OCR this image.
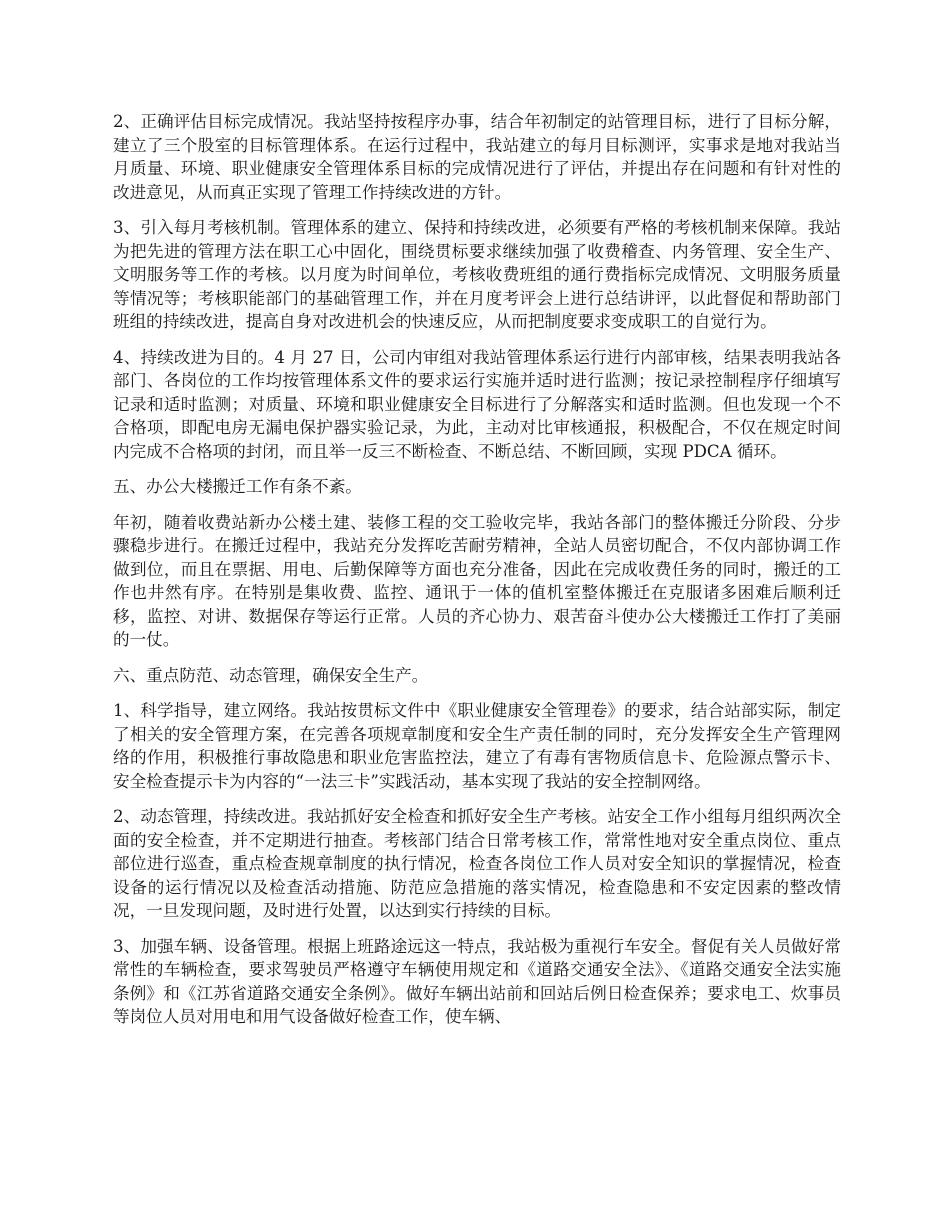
2、正确评估目标完成情况。我站坚持按程序办事，结合年初制定的站管理目标，进行了目标分解，建立了三个股室的目标管理体系。在运行过程中，我站建立的每月目标测评，实事求是地对我站当月质量、环境、职业健康安全管理体系目标的完成情况进行了评估，并提出存在问题和有针对性的改进意见，从而真正实现了管理工作持续改进的方针。

3、引入每月考核机制。管理体系的建立、保持和持续改进，必须要有严格的考核机制来保障。我站为把先进的管理方法在职工心中固化，围绕贯标要求继续加强了收费稽查、内务管理、安全生产、文明服务等工作的考核。以月度为时间单位，考核收费班组的通行费指标完成情况、文明服务质量等情况等；考核职能部门的基础管理工作，并在月度考评会上进行总结讲评，以此督促和帮助部门班组的持续改进，提高自身对改进机会的快速反应，从而把制度要求变成职工的自觉行为。

4、持续改进为目的。4 月 27 日，公司内审组对我站管理体系运行进行内部审核，结果表明我站各部门、各岗位的工作均按管理体系文件的要求运行实施并适时进行监测；按记录控制程序仔细填写记录和适时监测；对质量、环境和职业健康安全目标进行了分解落实和适时监测。但也发现一个不合格项，即配电房无漏电保护器实验记录，为此，主动对比审核通报，积极配合，不仅在规定时间内完成不合格项的封闭，而且举一反三不断检查、不断总结、不断回顾，实现 PDCA 循环。

五、办公大楼搬迁工作有条不紊。

年初，随着收费站新办公楼土建、装修工程的交工验收完毕，我站各部门的整体搬迁分阶段、分步骤稳步进行。在搬迁过程中，我站充分发挥吃苦耐劳精神，全站人员密切配合，不仅内部协调工作做到位，而且在票据、用电、后勤保障等方面也充分准备，因此在完成收费任务的同时，搬迁的工作也井然有序。在特别是集收费、监控、通讯于一体的值机室整体搬迁在克服诸多困难后顺利迁移，监控、对讲、数据保存等运行正常。人员的齐心协力、艰苦奋斗使办公大楼搬迁工作打了美丽的一仗。

六、重点防范、动态管理，确保安全生产。

1、科学指导，建立网络。我站按贯标文件中《职业健康安全管理卷》的要求，结合站部实际，制定了相关的安全管理方案，在完善各项规章制度和安全生产责任制的同时，充分发挥安全生产管理网络的作用，积极推行事故隐患和职业危害监控法，建立了有毒有害物质信息卡、危险源点警示卡、安全检查提示卡为内容的“一法三卡”实践活动，基本实现了我站的安全控制网络。

2、动态管理，持续改进。我站抓好安全检查和抓好安全生产考核。站安全工作小组每月组织两次全面的安全检查，并不定期进行抽查。考核部门结合日常考核工作，常常性地对安全重点岗位、重点部位进行巡查，重点检查规章制度的执行情况，检查各岗位工作人员对安全知识的掌握情况，检查设备的运行情况以及检查活动措施、防范应急措施的落实情况，检查隐患和不安定因素的整改情况，一旦发现问题，及时进行处置，以达到实行持续的目标。

3、加强车辆、设备管理。根据上班路途远这一特点，我站极为重视行车安全。督促有关人员做好常常性的车辆检查，要求驾驶员严格遵守车辆使用规定和《道路交通安全法》、《道路交通安全法实施条例》和《江苏省道路交通安全条例》。做好车辆出站前和回站后例日检查保养；要求电工、炊事员等岗位人员对用电和用气设备做好检查工作，使车辆、
